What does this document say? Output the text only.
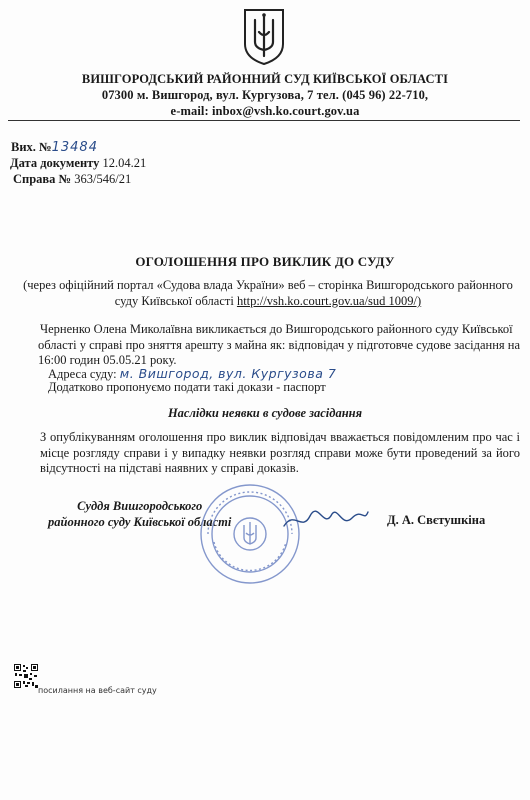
ВИШГОРОДСЬКИЙ РАЙОННИЙ СУД КИЇВСЬКОЇ ОБЛАСТІ
07300 м. Вишгород, вул. Кургузова, 7 тел. (045 96) 22-710,
e-mail: inbox@vsh.ko.court.gov.ua
Вих. №13484
Дата документу 12.04.21
Справа № 363/546/21
ОГОЛОШЕННЯ ПРО ВИКЛИК ДО СУДУ
(через офіційний портал «Судова влада України» веб – сторінка Вишгородського районного суду Київської області http://vsh.ko.court.gov.ua/sud 1009/)
Черненко Олена Миколаївна викликається до Вишгородського районного суду Київської
області у справі про зняття арешту з майна як: відповідач у підготовче судове засідання на 16:00 годин 05.05.21 року.
Адреса суду: м. Вишгород, вул. Кургузова 7
Додатково пропонуємо подати такі докази - паспорт
Наслідки неявки в судове засідання
З опублікуванням оголошення про виклик відповідач вважається повідомленим про час і місце розгляду справи і у випадку неявки розгляд справи може бути проведений за його відсутності на підставі наявних у справі доказів.
Суддя Вишгородського
районного суду Київської області	Д. А. Свєтушкіна
посилання на веб-сайт суду
